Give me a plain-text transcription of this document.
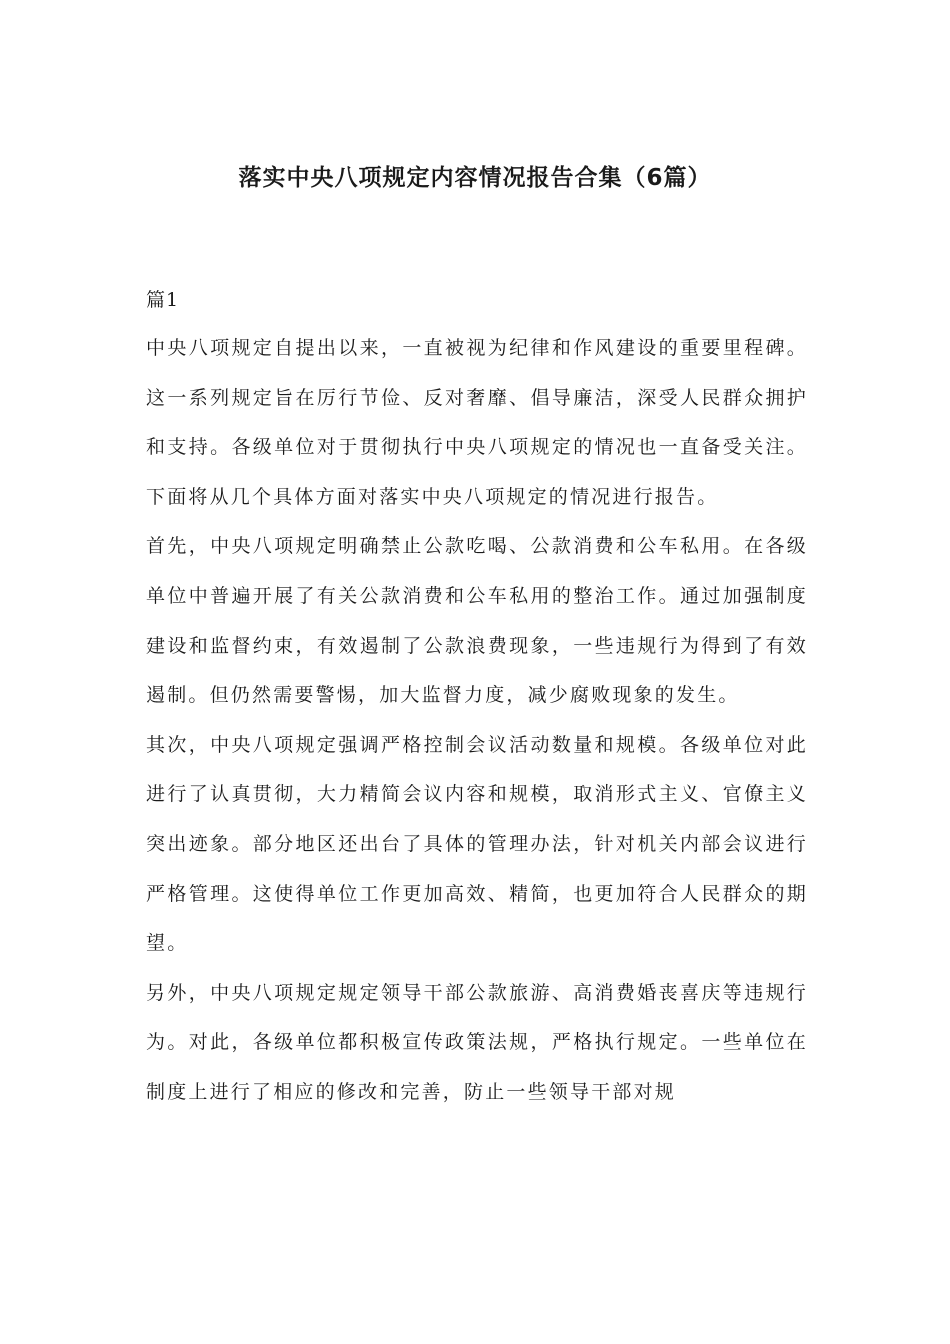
落实中央八项规定内容情况报告合集（6篇）

篇1

中央八项规定自提出以来，一直被视为纪律和作风建设的重要里程碑。这一系列规定旨在厉行节俭、反对奢靡、倡导廉洁，深受人民群众拥护和支持。各级单位对于贯彻执行中央八项规定的情况也一直备受关注。下面将从几个具体方面对落实中央八项规定的情况进行报告。

首先，中央八项规定明确禁止公款吃喝、公款消费和公车私用。在各级单位中普遍开展了有关公款消费和公车私用的整治工作。通过加强制度建设和监督约束，有效遏制了公款浪费现象，一些违规行为得到了有效遏制。但仍然需要警惕，加大监督力度，减少腐败现象的发生。

其次，中央八项规定强调严格控制会议活动数量和规模。各级单位对此进行了认真贯彻，大力精简会议内容和规模，取消形式主义、官僚主义突出迹象。部分地区还出台了具体的管理办法，针对机关内部会议进行严格管理。这使得单位工作更加高效、精简，也更加符合人民群众的期望。

另外，中央八项规定规定领导干部公款旅游、高消费婚丧喜庆等违规行为。对此，各级单位都积极宣传政策法规，严格执行规定。一些单位在制度上进行了相应的修改和完善，防止一些领导干部对规
